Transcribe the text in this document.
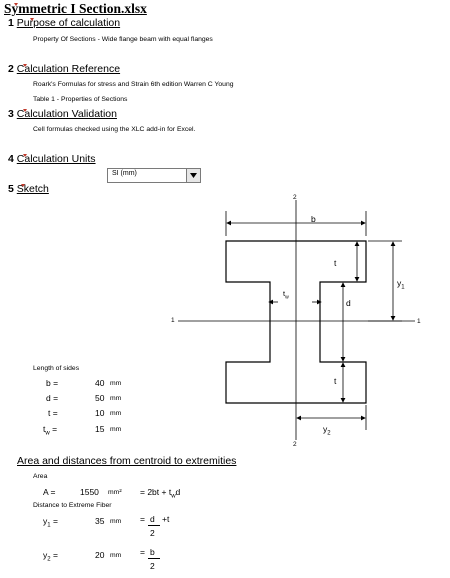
Symmetric I Section.xlsx
1 Purpose of calculation
Property Of Sections - Wide flange beam with equal flanges
2 Calculation Reference
Roark's Formulas for stress and Strain 6th edition Warren C Young
Table 1 - Properties of Sections
3 Calculation Validation
Cell formulas checked using the XLC add-in for Excel.
4 Calculation Units
SI (mm)
5 Sketch
2
2
1	1
b
t
t
d
$t_w$
$y_1$
$y_2$
Length of sides
b =	40 mm
d =	50 mm
t =	10 mm
$t_w$ =	15 mm
Area and distances from centroid to extremities
Area
A =	1550 $mm^2 = 2bt + t_wd$
Distance to Extreme Fiber
$y_1$ =	35 mm = d +t
2
$y_2$ =	20 mm = b
2
